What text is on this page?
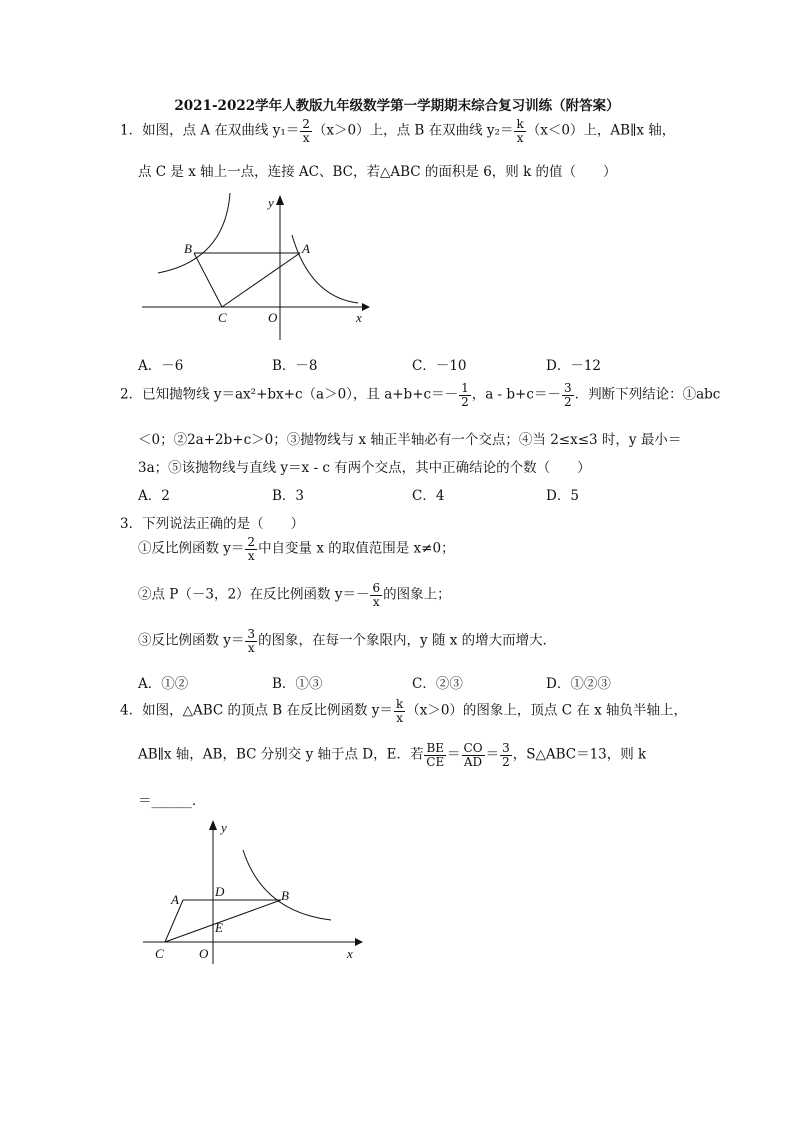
2021-2022学年人教版九年级数学第一学期期末综合复习训练（附答案）
1．如图，点 A 在双曲线 $y_1= \frac{2}{x} (x>0)$上，点 B 在双曲线 $y_2= \frac{k}{x} (x<0)$上，AB∥x 轴，
点 C 是 x 轴上一点，连接 AC、BC，若△ABC 的面积是 6，则 k 的值（　　）
B	A
C	O	x
y
A．－6	B．－8	C．－10	D．－12
2．已知抛物线 y＝ax²+bx+c（a＞0），且 $a+b+c=- \frac{1}{2}$ ，$a - b+c=- \frac{3}{2}$ ．判断下列结论：①abc
＜0；②2a+2b+c＞0；③抛物线与 x 轴正半轴必有一个交点；④当 2≤x≤3 时，y 最小＝
3a；⑤该抛物线与直线 y＝x - c 有两个交点，其中正确结论的个数（　　）
A．2	B．3	C．4	D．5
3．下列说法正确的是（　　）
①反比例函数 $y= \frac{2}{x}$ 中自变量 x 的取值范围是 x≠0；
②点 P（－3，2）在反比例函数 $y=- \frac{6}{x}$ 的图象上；
③反比例函数 $y= \frac{3}{x}$ 的图象，在每一个象限内，y 随 x 的增大而增大．
A．①②	B．①③	C．②③	D．①②③
4．如图，△ABC 的顶点 B 在反比例函数 $y= \frac{k}{x} (x>0)$的图象上，顶点 C 在 x 轴负半轴上，
AB∥x 轴，AB，BC 分别交 y 轴于点 D，E．若 $\frac{BE}{CE} = \frac{CO}{AD} = \frac{3}{2}$ ，S△ABC＝13，则 k
＝______．
A	B
D
E
C	O	x
y
